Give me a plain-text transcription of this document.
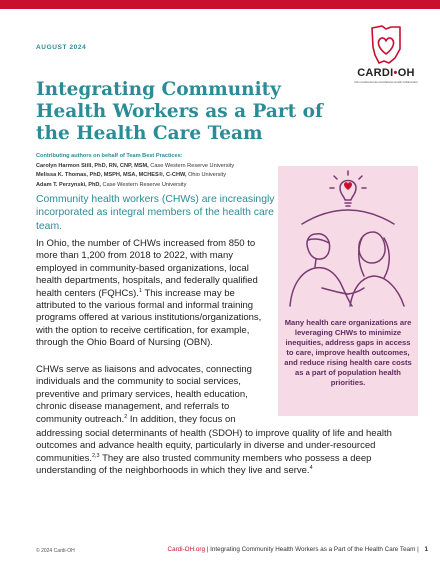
AUGUST 2024
CARDI•OH
Ohio Cardiovascular and Diabetes Health Collaborative
Integrating Community Health Workers as a Part of the Health Care Team
Contributing authors on behalf of Team Best Practices:
Carolyn Harmon Still, PhD, RN, CNP, MSM, Case Western Reserve University
Melissa K. Thomas, PhD, MSPH, MSA, MCHES®, C-CHW, Ohio University
Adam T. Perzynski, PhD, Case Western Reserve University

Community health workers (CHWs) are increasingly incorporated as integral members of the health care team.

In Ohio, the number of CHWs increased from 850 to more than 1,200 from 2018 to 2022, with many employed in community-based organizations, local health departments, hospitals, and federally qualified health centers (FQHCs).$^1$ This increase may be attributed to the various formal and informal training programs offered at various institutions/organizations, with the option to receive certification, for example, through the Ohio Board of Nursing (OBN).

CHWs serve as liaisons and advocates, connecting individuals and the community to social services, preventive and primary services, health education, chronic disease management, and referrals to community outreach.$^2$ In addition, they focus on

addressing social determinants of health (SDOH) to improve quality of life and health outcomes and advance health equity, particularly in diverse and under-resourced communities.$^{2,3}$ They are also trusted community members who possess a deep understanding of the neighborhoods in which they live and serve.$^4$

Many health care organizations are leveraging CHWs to minimize inequities, address gaps in access to care, improve health outcomes, and reduce rising health care costs as a part of population health priorities.

© 2024 Cardi-OH	Cardi-OH.org | Integrating Community Health Workers as a Part of the Health Care Team | 1
